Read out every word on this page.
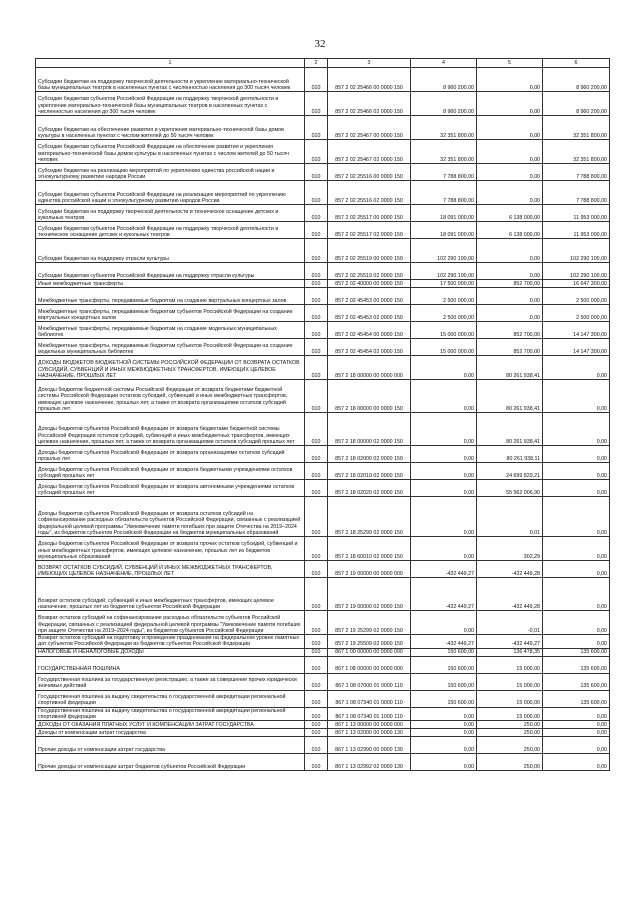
32
1	2	3	4	5	6
Субсидии бюджетам на поддержку творческой деятельности и укрепление материально-технической базы муниципальных театров в населенных пунктах с численностью населения до 300 тысяч человек	010	857 2 02 25466 00 0000 150	8 960 200,00	0,00	8 960 200,00
Субсидии бюджетам субъектов Российской Федерации на поддержку творческой деятельности и укрепление материально-технической базы муниципальных театров в населенных пунктах с численностью населения до 300 тысяч человек	010	857 2 02 25466 02 0000 150	8 960 200,00	0,00	8 960 200,00
Субсидии бюджетам на обеспечение развития и укрепления материально-технической базы домов культуры в населенных пунктах с числом жителей до 50 тысяч человек	010	857 2 02 25467 00 0000 150	32 351 800,00	0,00	32 351 800,00
Субсидии бюджетам субъектов Российской Федерации на обеспечение развития и укрепления материально-технической базы домов культуры в населенных пунктах с числом жителей до 50 тысяч человек	010	857 2 02 25467 02 0000 150	32 351 800,00	0,00	32 351 800,00
Субсидии бюджетам на реализацию мероприятий по укреплению единства российской нации и этнокультурному развитию народов России	010	857 2 02 25516 00 0000 150	7 788 800,00	0,00	7 788 800,00
Субсидии бюджетам субъектов Российской Федерации на реализацию мероприятий по укреплению единства российской нации и этнокультурному развитию народов России	010	857 2 02 25516 02 0000 150	7 788 800,00	0,00	7 788 800,00
Субсидии бюджетам на поддержку творческой деятельности и техническое оснащение детских и кукольных театров	010	857 2 02 25517 00 0000 150	18 091 000,00	6 138 000,00	11 953 000,00
Субсидии бюджетам субъектов Российской Федерации на поддержку творческой деятельности и техническое оснащение детских и кукольных театров	010	857 2 02 25517 02 0000 150	18 091 000,00	6 138 000,00	11 953 000,00
Субсидии бюджетам на поддержку отрасли культуры	010	857 2 02 25519 00 0000 150	102 290 100,00	0,00	102 290 100,00
Субсидии бюджетам субъектов Российской Федерации на поддержку отрасли культуры	010	857 2 02 25519 02 0000 150	102 290 100,00	0,00	102 290 100,00
Иные межбюджетные трансферты	010	857 2 02 40000 00 0000 150	17 500 000,00	852 700,00	16 647 300,00
Межбюджетные трансферты, передаваемые бюджетам на создание виртуальных концертных залов	010	857 2 02 45453 00 0000 150	2 500 000,00	0,00	2 500 000,00
Межбюджетные трансферты, передаваемые бюджетам субъектов Российской Федерации на создание виртуальных концертных залов	010	857 2 02 45453 02 0000 150	2 500 000,00	0,00	2 500 000,00
Межбюджетные трансферты, передаваемые бюджетам на создание модельных муниципальных библиотек	010	857 2 02 45454 00 0000 150	15 000 000,00	852 700,00	14 147 300,00
Межбюджетные трансферты, передаваемые бюджетам субъектов Российской Федерации на создание модельных муниципальных библиотек	010	857 2 02 45454 02 0000 150	15 000 000,00	852 700,00	14 147 300,00
ДОХОДЫ БЮДЖЕТОВ БЮДЖЕТНОЙ СИСТЕМЫ РОССИЙСКОЙ ФЕДЕРАЦИИ ОТ ВОЗВРАТА ОСТАТКОВ СУБСИДИЙ, СУБВЕНЦИЙ И ИНЫХ МЕЖБЮДЖЕТНЫХ ТРАНСФЕРТОВ, ИМЕЮЩИХ ЦЕЛЕВОЕ НАЗНАЧЕНИЕ, ПРОШЛЫХ ЛЕТ	010	857 2 18 00000 00 0000 000	0,00	80 261 938,41	0,00
Доходы бюджетов бюджетной системы Российской Федерации от возврата бюджетами бюджетной системы Российской Федерации остатков субсидий, субвенций и иных межбюджетных трансфертов, имеющих целевое назначение, прошлых лет, а также от возврата организациями остатков субсидий прошлых лет	010	857 2 18 00000 00 0000 150	0,00	80 261 938,41	0,00
Доходы бюджетов субъектов Российской Федерации от возврата бюджетами бюджетной системы Российской Федерации остатков субсидий, субвенций и иных межбюджетных трансфертов, имеющих целевое назначение, прошлых лет, а также от возврата организациями остатков субсидий прошлых лет	010	857 2 18 00000 02 0000 150	0,00	80 261 938,41	0,00
Доходы бюджетов субъектов Российской Федерации от возврата организациями остатков субсидий прошлых лет	010	857 2 18 02000 02 0000 150	0,00	80 261 938,11	0,00
Доходы бюджетов субъектов Российской Федерации от возврата бюджетными учреждениями остатков субсидий прошлых лет	010	857 2 18 02010 02 0000 150	0,00	24 699 829,21	0,00
Доходы бюджетов субъектов Российской Федерации от возврата автономными учреждениями остатков субсидий прошлых лет	010	857 2 18 02020 02 0000 150	0,00	55 562 006,90	0,00
Доходы бюджетов субъектов Российской Федерации от возврата остатков субсидий на софинансирование расходных обязательств субъектов Российской Федерации, связанных с реализацией федеральной целевой программы "Увековечение памяти погибших при защите Отечества на 2019–2024 годы", из бюджетов субъектов Российской Федерации на бюджетов муниципальных образований	010	857 2 18 25299 02 0000 150	0,00	0,01	0,00
Доходы бюджетов субъектов Российской Федерации от возврата прочих остатков субсидий, субвенций и иных межбюджетных трансфертов, имеющих целевое назначение, прошлых лет из бюджетов муниципальных образований	010	857 2 18 60010 02 0000 150	0,00	302,29	0,00
ВОЗВРАТ ОСТАТКОВ СУБСИДИЙ, СУБВЕНЦИЙ И ИНЫХ МЕЖБЮДЖЕТНЫХ ТРАНСФЕРТОВ, ИМЕЮЩИХ ЦЕЛЕВОЕ НАЗНАЧЕНИЕ, ПРОШЛЫХ ЛЕТ	010	857 2 19 00000 00 0000 000	-432 449,27	-432 449,28	0,00
Возврат остатков субсидий, субвенций и иных межбюджетных трансфертов, имеющих целевое назначение, прошлых лет из бюджетов субъектов Российской Федерации	010	857 2 19 00000 02 0000 150	-432 449,27	-432 449,28	0,00
Возврат остатков субсидий на софинансирование расходных обязательств субъектов Российской Федерации, связанных с реализацией федеральной целевой программы "Увековечение памяти погибших при защите Отечества на 2019–2024 годы", из бюджетов субъектов Российской Федерации	010	857 2 19 25299 02 0000 150	0,00	-0,01	0,00
Возврат остатков субсидий на подготовку и проведение празднования на федеральном уровне памятных дат субъектов Российской Федерации из бюджетов субъектов Российской Федерации	010	857 2 19 25509 02 0000 150	-432 449,27	-432 449,27	0,00
НАЛОГОВЫЕ И НЕНАЛОГОВЫЕ ДОХОДЫ	010	867 1 00 00000 00 0000 000	150 600,00	136 478,35	135 600,00
ГОСУДАРСТВЕННАЯ ПОШЛИНА	010	867 1 08 00000 00 0000 000	150 600,00	15 000,00	135 600,00
Государственная пошлина за государственную регистрацию, а также за совершение прочих юридически значимых действий	010	867 1 08 07000 01 0000 110	150 600,00	15 000,00	135 600,00
Государственная пошлина за выдачу свидетельства о государственной аккредитации региональной спортивной федерации	010	867 1 08 07340 01 0000 110	150 600,00	15 000,00	135 600,00
Государственная пошлина за выдачу свидетельства о государственной аккредитации региональной спортивной федерации	010	867 1 08 07340 01 1000 110	0,00	15 000,00	0,00
ДОХОДЫ ОТ ОКАЗАНИЯ ПЛАТНЫХ УСЛУГ И КОМПЕНСАЦИИ ЗАТРАТ ГОСУДАРСТВА	010	867 1 13 00000 00 0000 000	0,00	250,00	0,00
Доходы от компенсации затрат государства	010	867 1 13 02000 00 0000 130	0,00	250,00	0,00
Прочие доходы от компенсации затрат государства	010	867 1 13 02990 00 0000 130	0,00	250,00	0,00
Прочие доходы от компенсации затрат бюджетов субъектов Российской Федерации	010	867 1 13 02992 02 0000 130	0,00	250,00	0,00
